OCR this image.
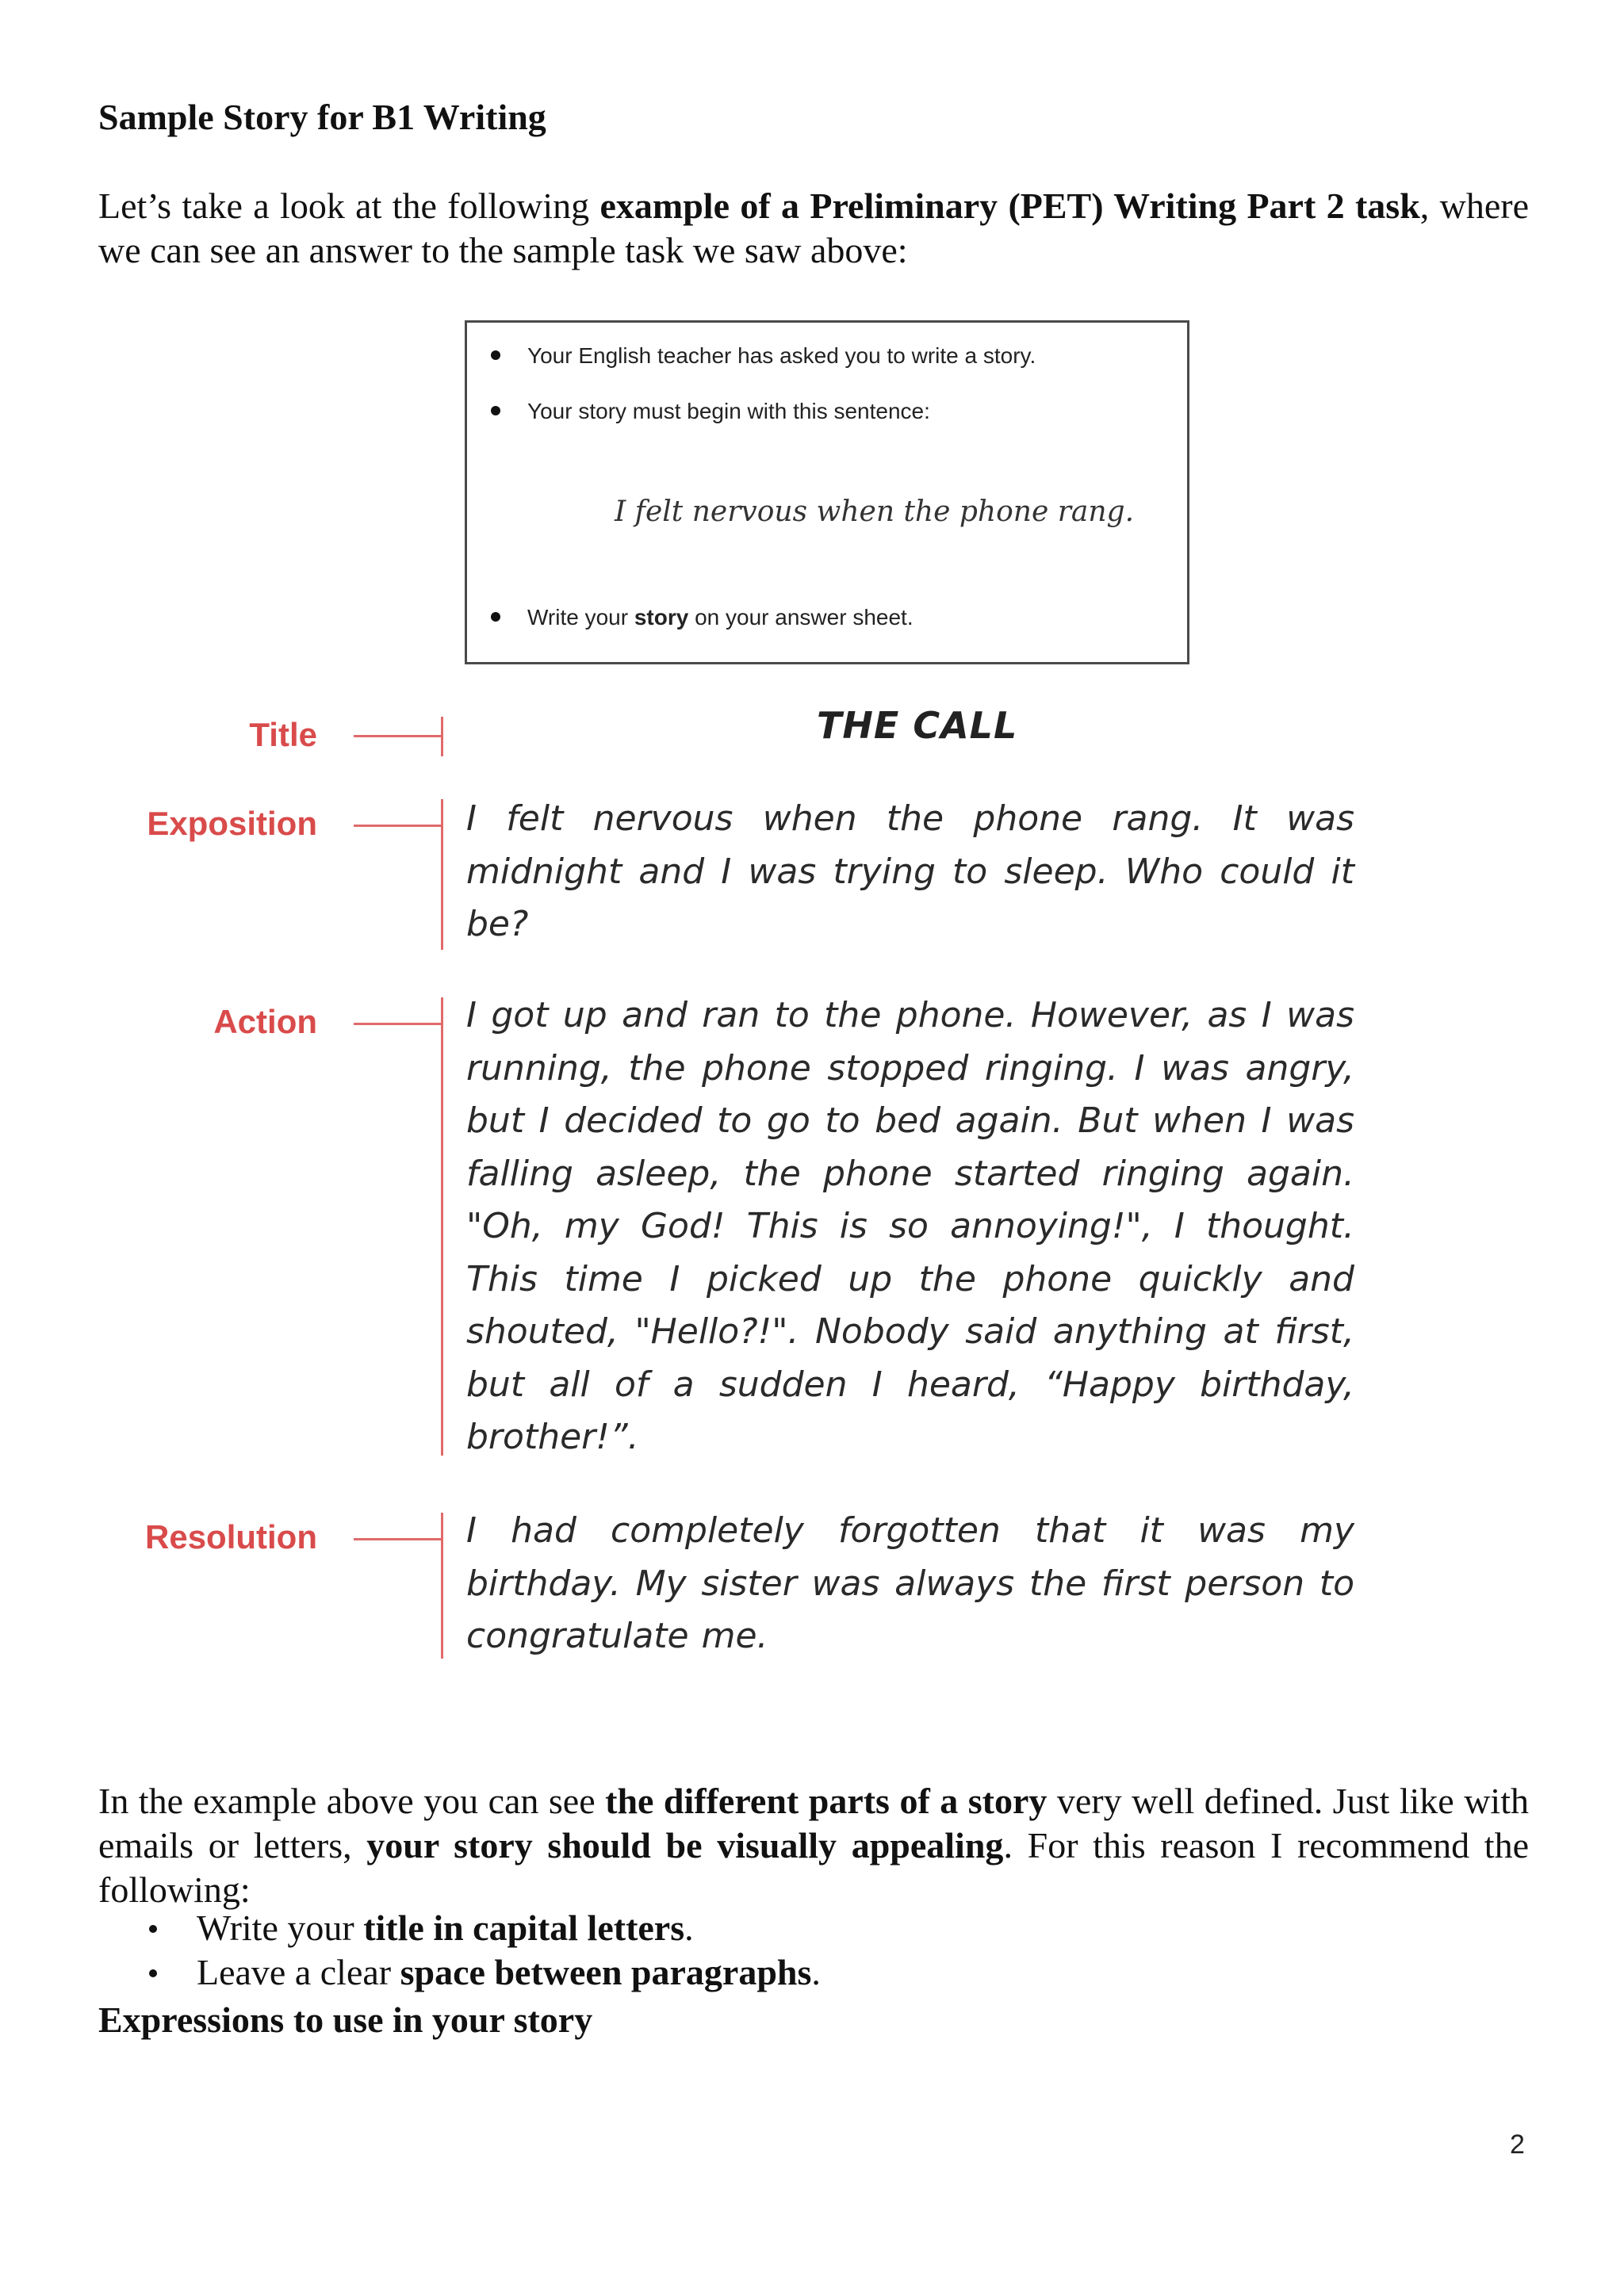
Sample Story for B1 Writing
Let’s take a look at the following example of a Preliminary (PET) Writing Part 2 task, where we can see an answer to the sample task we saw above:
Your English teacher has asked you to write a story.
Your story must begin with this sentence:
I felt nervous when the phone rang.
Write your story on your answer sheet.
Title	THE CALL
Exposition	I felt nervous when the phone rang. It was midnight and I was trying to sleep. Who could it be?
Action	I got up and ran to the phone. However, as I was running, the phone stopped ringing. I was angry, but I decided to go to bed again. But when I was falling asleep, the phone started ringing again. "Oh, my God! This is so annoying!", I thought. This time I picked up the phone quickly and shouted, "Hello?!". Nobody said anything at first, but all of a sudden I heard, “Happy birthday, brother!”.
Resolution	I had completely forgotten that it was my birthday. My sister was always the first person to congratulate me.
In the example above you can see the different parts of a story very well defined. Just like with emails or letters, your story should be visually appealing. For this reason I recommend the following:
Write your title in capital letters.
Leave a clear space between paragraphs.
Expressions to use in your story
2
